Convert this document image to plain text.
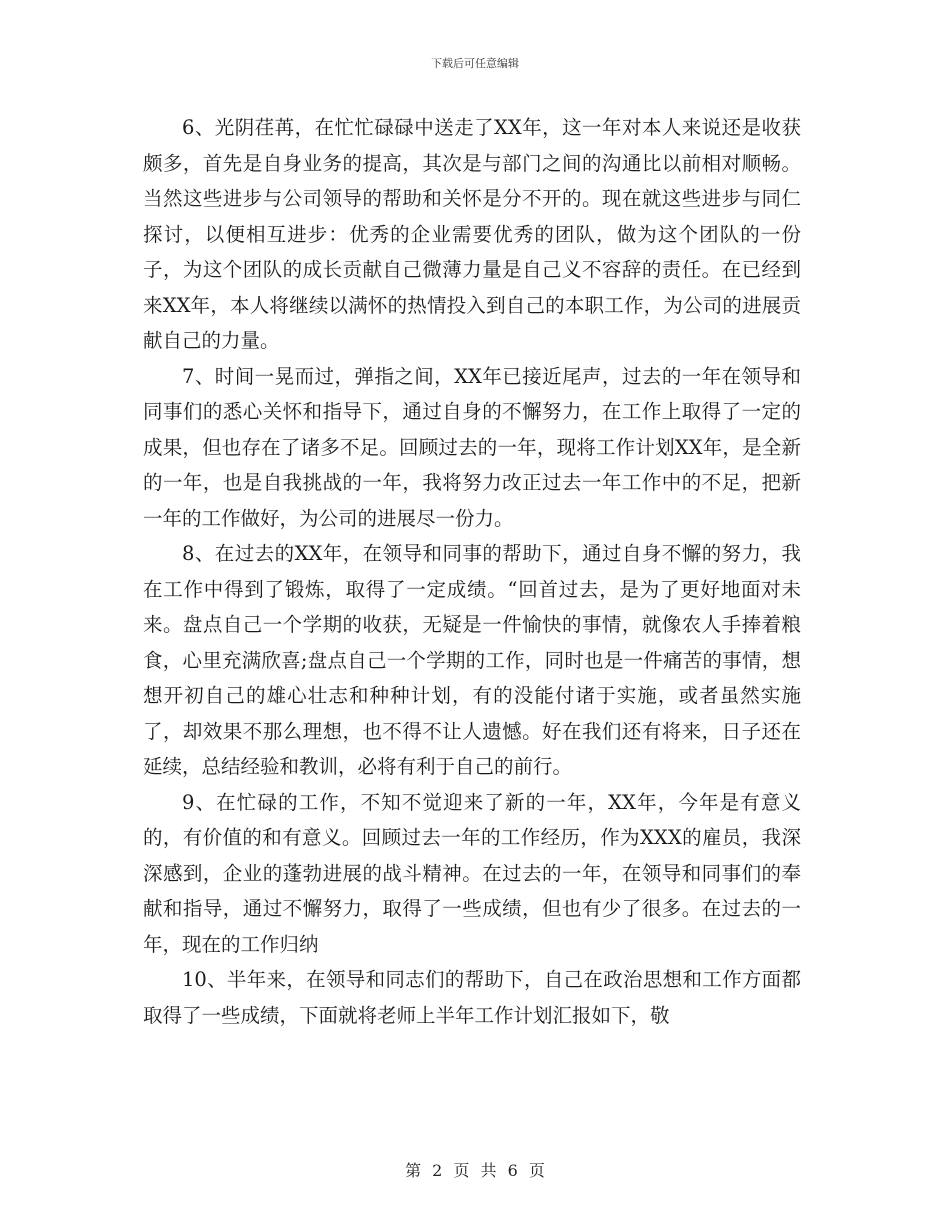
下载后可任意编辑

6、光阴荏苒，在忙忙碌碌中送走了XX年，这一年对本人来说还是收获颇多，首先是自身业务的提高，其次是与部门之间的沟通比以前相对顺畅。当然这些进步与公司领导的帮助和关怀是分不开的。现在就这些进步与同仁探讨，以便相互进步：优秀的企业需要优秀的团队，做为这个团队的一份子，为这个团队的成长贡献自己微薄力量是自己义不容辞的责任。在已经到来XX年，本人将继续以满怀的热情投入到自己的本职工作，为公司的进展贡献自己的力量。

7、时间一晃而过，弹指之间，XX年已接近尾声，过去的一年在领导和同事们的悉心关怀和指导下，通过自身的不懈努力，在工作上取得了一定的成果，但也存在了诸多不足。回顾过去的一年，现将工作计划XX年，是全新的一年，也是自我挑战的一年，我将努力改正过去一年工作中的不足，把新一年的工作做好，为公司的进展尽一份力。

8、在过去的XX年，在领导和同事的帮助下，通过自身不懈的努力，我在工作中得到了锻炼，取得了一定成绩。“回首过去，是为了更好地面对未来。盘点自己一个学期的收获，无疑是一件愉快的事情，就像农人手捧着粮食，心里充满欣喜;盘点自己一个学期的工作，同时也是一件痛苦的事情，想想开初自己的雄心壮志和种种计划，有的没能付诸于实施，或者虽然实施了，却效果不那么理想，也不得不让人遗憾。好在我们还有将来，日子还在延续，总结经验和教训，必将有利于自己的前行。

9、在忙碌的工作，不知不觉迎来了新的一年，XX年，今年是有意义的，有价值的和有意义。回顾过去一年的工作经历，作为XXX的雇员，我深深感到，企业的蓬勃进展的战斗精神。在过去的一年，在领导和同事们的奉献和指导，通过不懈努力，取得了一些成绩，但也有少了很多。在过去的一年，现在的工作归纳

10、半年来，在领导和同志们的帮助下，自己在政治思想和工作方面都取得了一些成绩，下面就将老师上半年工作计划汇报如下，敬

第 2 页 共 6 页
